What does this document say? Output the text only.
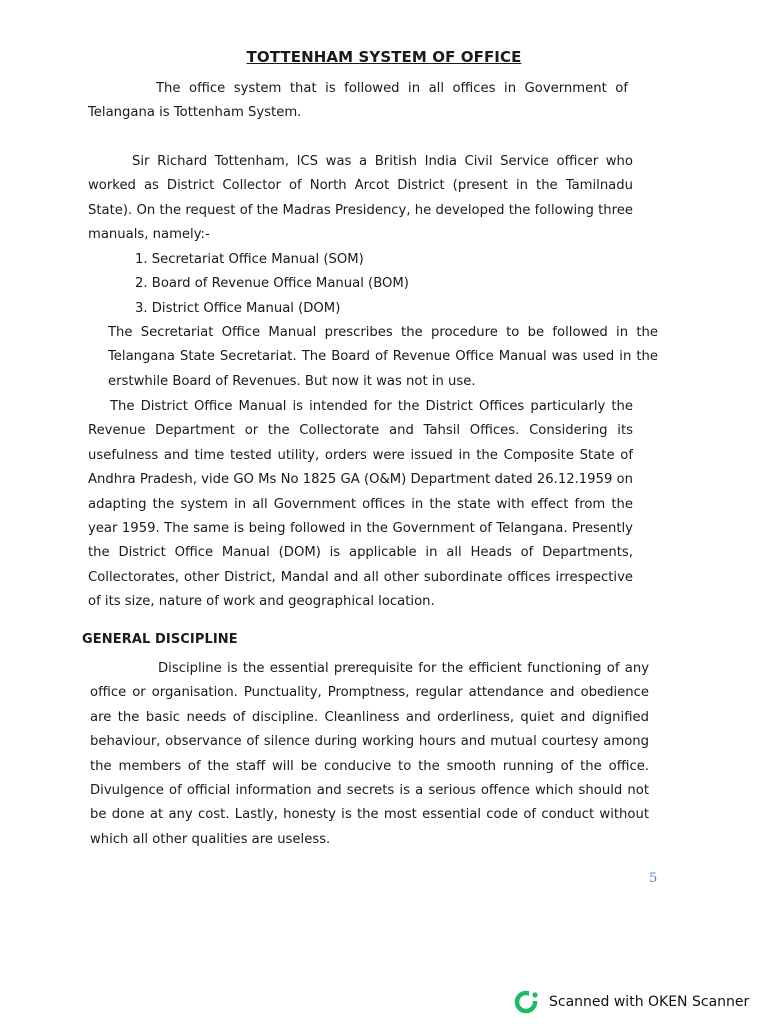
TOTTENHAM SYSTEM OF OFFICE

The office system that is followed in all offices in Government of Telangana is Tottenham System.

Sir Richard Tottenham, ICS was a British India Civil Service officer who worked as District Collector of North Arcot District (present in the Tamilnadu State). On the request of the Madras Presidency, he developed the following three manuals, namely:-

1. Secretariat Office Manual (SOM)
2. Board of Revenue Office Manual (BOM)
3. District Office Manual (DOM)

The Secretariat Office Manual prescribes the procedure to be followed in the Telangana State Secretariat. The Board of Revenue Office Manual was used in the erstwhile Board of Revenues. But now it was not in use.

The District Office Manual is intended for the District Offices particularly the Revenue Department or the Collectorate and Tahsil Offices. Considering its usefulness and time tested utility, orders were issued in the Composite State of Andhra Pradesh, vide GO Ms No 1825 GA (O&M) Department dated 26.12.1959 on adapting the system in all Government offices in the state with effect from the year 1959. The same is being followed in the Government of Telangana. Presently the District Office Manual (DOM) is applicable in all Heads of Departments, Collectorates, other District, Mandal and all other subordinate offices irrespective of its size, nature of work and geographical location.

GENERAL DISCIPLINE

Discipline is the essential prerequisite for the efficient functioning of any office or organisation. Punctuality, Promptness, regular attendance and obedience are the basic needs of discipline. Cleanliness and orderliness, quiet and dignified behaviour, observance of silence during working hours and mutual courtesy among the members of the staff will be conducive to the smooth running of the office. Divulgence of official information and secrets is a serious offence which should not be done at any cost. Lastly, honesty is the most essential code of conduct without which all other qualities are useless.

5
Scanned with OKEN Scanner
